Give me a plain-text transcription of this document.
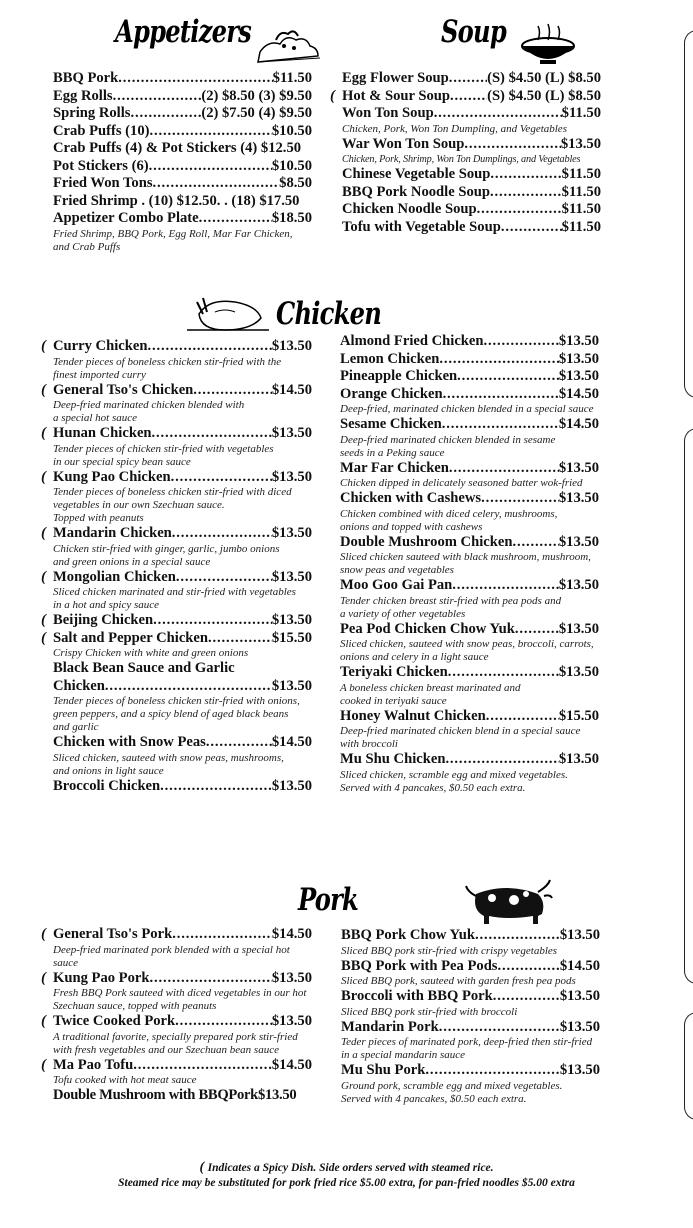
Appetizers	Soup
BBQ Pork . . .	$11.50
Egg Rolls . . .	(2) $8.50 (3) $9.50
Spring Rolls . . .	(2) $7.50 (4) $9.50
Crab Puffs (10) . . .	$10.50
Crab Puffs (4) & Pot Stickers (4) $12.50
Pot Stickers (6) . . .	$10.50
Fried Won Tons . . .	$8.50
Fried Shrimp . (10) $12.50. . (18) $17.50
Appetizer Combo Plate . . .	$18.50
Fried Shrimp, BBQ Pork, Egg Roll, Mar Far Chicken,
and Crab Puffs
Egg Flower Soup . . .	(S) $4.50 (L) $8.50
( Hot & Sour Soup . . .	(S) $4.50 (L) $8.50
Won Ton Soup . . .	$11.50
Chicken, Pork, Won Ton Dumpling, and Vegetables
War Won Ton Soup . . .	$13.50
Chicken, Pork, Shrimp, Won Ton Dumplings, and Vegetables
Chinese Vegetable Soup . . .	$11.50
BBQ Pork Noodle Soup . . .	$11.50
Chicken Noodle Soup . . .	$11.50
Tofu with Vegetable Soup . . .	$11.50
Chicken
( Curry Chicken . . .	$13.50
Tender pieces of boneless chicken stir-fried with the
finest imported curry
( General Tso's Chicken . . .	$14.50
Deep-fried marinated chicken blended with
a special hot sauce
( Hunan Chicken . . .	$13.50
Tender pieces of chicken stir-fried with vegetables
in our special spicy bean sauce
( Kung Pao Chicken . . .	$13.50
Tender pieces of boneless chicken stir-fried with diced
vegetables in our own Szechuan sauce.
Topped with peanuts
( Mandarin Chicken . . .	$13.50
Chicken stir-fried with ginger, garlic, jumbo onions
and green onions in a special sauce
( Mongolian Chicken . . .	$13.50
Sliced chicken marinated and stir-fried with vegetables
in a hot and spicy sauce
( Beijing Chicken . . .	$13.50
( Salt and Pepper Chicken . . .	$15.50
Crispy Chicken with white and green onions
Black Bean Sauce and Garlic
Chicken . . .	$13.50
Tender pieces of boneless chicken stir-fried with onions,
green peppers, and a spicy blend of aged black beans
and garlic
Chicken with Snow Peas . . .	$14.50
Sliced chicken, sauteed with snow peas, mushrooms,
and onions in light sauce
Broccoli Chicken . . .	$13.50
Almond Fried Chicken . . .	$13.50
Lemon Chicken . . .	$13.50
Pineapple Chicken . . .	$13.50
Orange Chicken . . .	$14.50
Deep-fried, marinated chicken blended in a special sauce
Sesame Chicken . . .	$14.50
Deep-fried marinated chicken blended in sesame
seeds in a Peking sauce
Mar Far Chicken . . .	$13.50
Chicken dipped in delicately seasoned batter wok-fried
Chicken with Cashews . . .	$13.50
Chicken combined with diced celery, mushrooms,
onions and topped with cashews
Double Mushroom Chicken . . .	$13.50
Sliced chicken sauteed with black mushroom, mushroom,
snow peas and vegetables
Moo Goo Gai Pan . . .	$13.50
Tender chicken breast stir-fried with pea pods and
a variety of other vegetables
Pea Pod Chicken Chow Yuk . . .	$13.50
Sliced chicken, sauteed with snow peas, broccoli, carrots,
onions and celery in a light sauce
Teriyaki Chicken . . .	$13.50
A boneless chicken breast marinated and
cooked in teriyaki sauce
Honey Walnut Chicken . . .	$15.50
Deep-fried marinated chicken blend in a special sauce
with broccoli
Mu Shu Chicken . . .	$13.50
Sliced chicken, scramble egg and mixed vegetables.
Served with 4 pancakes, $0.50 each extra.
Pork
( General Tso's Pork . . .	$14.50
Deep-fried marinated pork blended with a special hot sauce
( Kung Pao Pork . . .	$13.50
Fresh BBQ Pork sauteed with diced vegetables in our hot
Szechuan sauce, topped with peanuts
( Twice Cooked Pork . . .	$13.50
A traditional favorite, specially prepared pork stir-fried
with fresh vegetables and our Szechuan bean sauce
( Ma Pao Tofu . . .	$14.50
Tofu cooked with hot meat sauce
Double Mushroom with BBQPork$13.50
BBQ Pork Chow Yuk . . .	$13.50
Sliced BBQ pork stir-fried with crispy vegetables
BBQ Pork with Pea Pods . . .	$14.50
Sliced BBQ pork, sauteed with garden fresh pea pods
Broccoli with BBQ Pork . . .	$13.50
Sliced BBQ pork stir-fried with broccoli
Mandarin Pork . . .	$13.50
Teder pieces of marinated pork, deep-fried then stir-fried
in a special mandarin sauce
Mu Shu Pork . . .	$13.50
Ground pork, scramble egg and mixed vegetables.
Served with 4 pancakes, $0.50 each extra.
( Indicates a Spicy Dish. Side orders served with steamed rice.
Steamed rice may be substituted for pork fried rice $5.00 extra, for pan-fried noodles $5.00 extra
